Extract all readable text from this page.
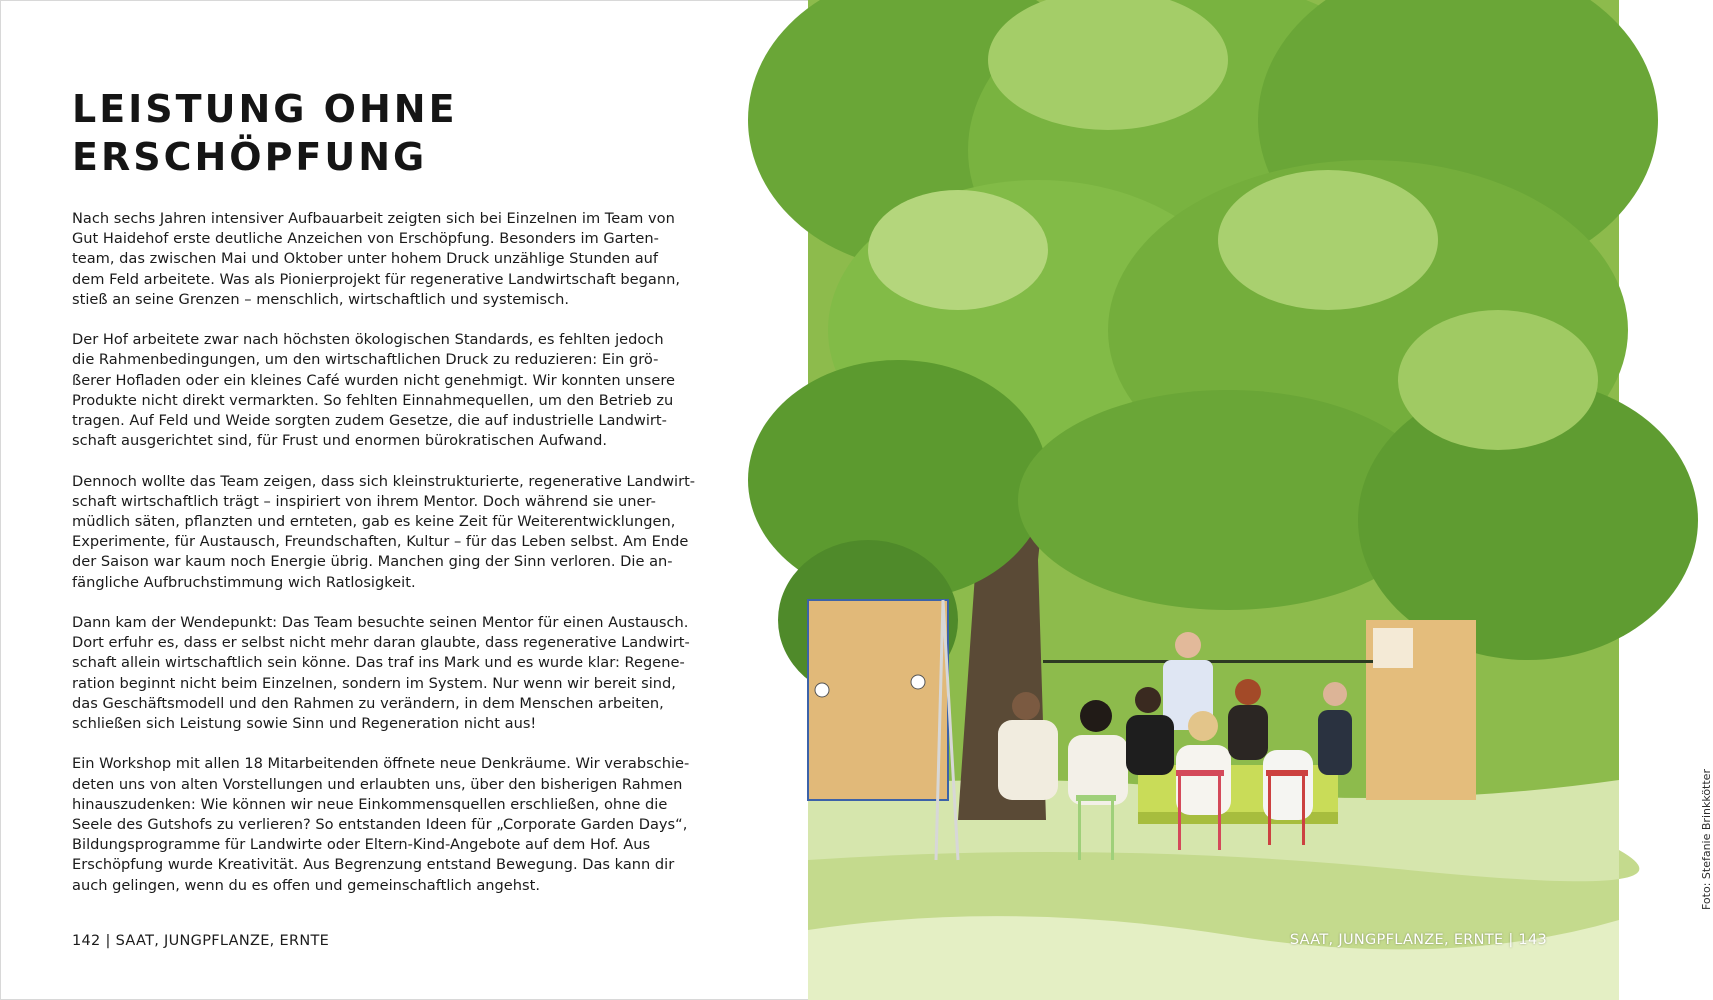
LEISTUNG OHNE
ERSCHÖPFUNG

Nach sechs Jahren intensiver Aufbauarbeit zeigten sich bei Einzelnen im Team von
Gut Haidehof erste deutliche Anzeichen von Erschöpfung. Besonders im Garten-
team, das zwischen Mai und Oktober unter hohem Druck unzählige Stunden auf
dem Feld arbeitete. Was als Pionierprojekt für regenerative Landwirtschaft begann,
stieß an seine Grenzen – menschlich, wirtschaftlich und systemisch.

Der Hof arbeitete zwar nach höchsten ökologischen Standards, es fehlten jedoch
die Rahmenbedingungen, um den wirtschaftlichen Druck zu reduzieren: Ein grö-
ßerer Hofladen oder ein kleines Café wurden nicht genehmigt. Wir konnten unsere
Produkte nicht direkt vermarkten. So fehlten Einnahmequellen, um den Betrieb zu
tragen. Auf Feld und Weide sorgten zudem Gesetze, die auf industrielle Landwirt-
schaft ausgerichtet sind, für Frust und enormen bürokratischen Aufwand.

Dennoch wollte das Team zeigen, dass sich kleinstrukturierte, regenerative Landwirt-
schaft wirtschaftlich trägt – inspiriert von ihrem Mentor. Doch während sie uner-
müdlich säten, pflanzten und ernteten, gab es keine Zeit für Weiterentwicklungen,
Experimente, für Austausch, Freundschaften, Kultur – für das Leben selbst. Am Ende
der Saison war kaum noch Energie übrig. Manchen ging der Sinn verloren. Die an-
fängliche Aufbruchstimmung wich Ratlosigkeit.

Dann kam der Wendepunkt: Das Team besuchte seinen Mentor für einen Austausch.
Dort erfuhr es, dass er selbst nicht mehr daran glaubte, dass regenerative Landwirt-
schaft allein wirtschaftlich sein könne. Das traf ins Mark und es wurde klar: Regene-
ration beginnt nicht beim Einzelnen, sondern im System. Nur wenn wir bereit sind,
das Geschäftsmodell und den Rahmen zu verändern, in dem Menschen arbeiten,
schließen sich Leistung sowie Sinn und Regeneration nicht aus!

Ein Workshop mit allen 18 Mitarbeitenden öffnete neue Denkräume. Wir verabschie-
deten uns von alten Vorstellungen und erlaubten uns, über den bisherigen Rahmen
hinauszudenken: Wie können wir neue Einkommensquellen erschließen, ohne die
Seele des Gutshofs zu verlieren? So entstanden Ideen für „Corporate Garden Days“,
Bildungsprogramme für Landwirte oder Eltern-Kind-Angebote auf dem Hof. Aus
Erschöpfung wurde Kreativität. Aus Begrenzung entstand Bewegung. Das kann dir
auch gelingen, wenn du es offen und gemeinschaftlich angehst.

142 | SAAT, JUNGPFLANZE, ERNTE
Foto: Stefanie Brinkkötter
SAAT, JUNGPFLANZE, ERNTE | 143
